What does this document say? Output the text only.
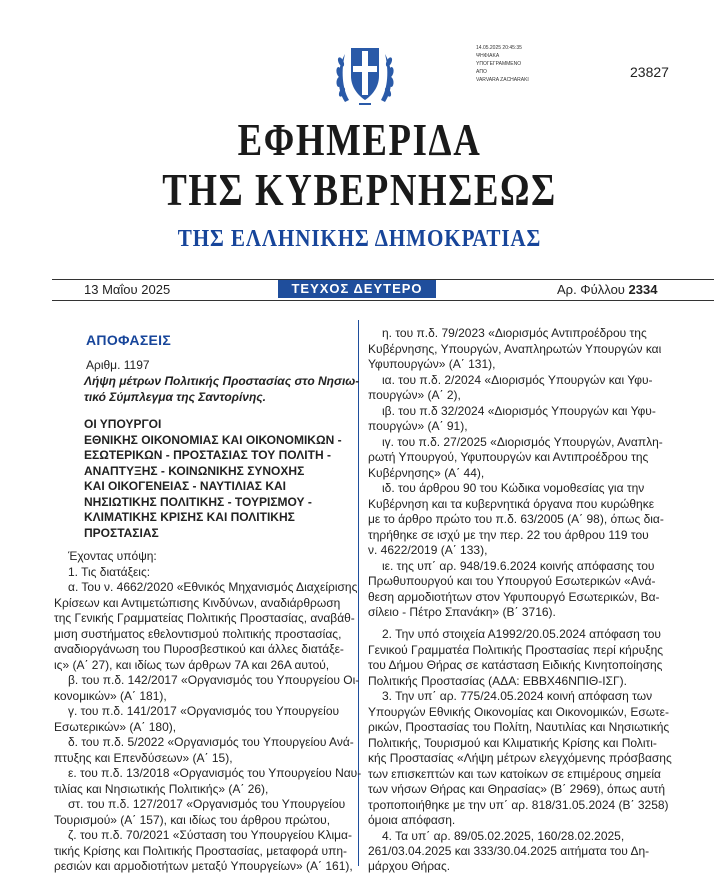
14.05.2025 20:45:35
ΨΗΦΙΑΚΑ
ΥΠΟΓΕΓΡΑΜΜΕΝΟ
ΑΠΟ
VARVARA ZACHARAKI	23827
ΕΦΗΜΕΡΙΔΑ
ΤΗΣ ΚΥΒΕΡΝΗΣΕΩΣ
ΤΗΣ ΕΛΛΗΝΙΚΗΣ ΔΗΜΟΚΡΑΤΙΑΣ
13 Μαΐου 2025	ΤΕΥΧΟΣ ΔΕΥΤΕΡΟ	Αρ. Φύλλου 2334
ΑΠΟΦΑΣΕΙΣ
Αριθμ. 1197
Λήψη μέτρων Πολιτικής Προστασίας στο Νησιω-
τικό Σύμπλεγμα της Σαντορίνης.
ΟΙ ΥΠΟΥΡΓΟΙ
ΕΘΝΙΚΗΣ ΟΙΚΟΝΟΜΙΑΣ ΚΑΙ ΟΙΚΟΝΟΜΙΚΩΝ -
ΕΣΩΤΕΡΙΚΩΝ - ΠΡΟΣΤΑΣΙΑΣ ΤΟΥ ΠΟΛΙΤΗ -
ΑΝΑΠΤΥΞΗΣ - ΚΟΙΝΩΝΙΚΗΣ ΣΥΝΟΧΗΣ
ΚΑΙ ΟΙΚΟΓΕΝΕΙΑΣ - ΝΑΥΤΙΛΙΑΣ ΚΑΙ
ΝΗΣΙΩΤΙΚΗΣ ΠΟΛΙΤΙΚΗΣ - ΤΟΥΡΙΣΜΟΥ -
ΚΛΙΜΑΤΙΚΗΣ ΚΡΙΣΗΣ ΚΑΙ ΠΟΛΙΤΙΚΗΣ
ΠΡΟΣΤΑΣΙΑΣ
Έχοντας υπόψη:
1. Τις διατάξεις:
α. Του ν. 4662/2020 «Εθνικός Μηχανισμός Διαχείρισης
Κρίσεων και Αντιμετώπισης Κινδύνων, αναδιάρθρωση
της Γενικής Γραμματείας Πολιτικής Προστασίας, αναβάθ-
μιση συστήματος εθελοντισμού πολιτικής προστασίας,
αναδιοργάνωση του Πυροσβεστικού και άλλες διατάξε-
ις» (Α΄ 27), και ιδίως των άρθρων 7Α και 26Α αυτού,
β. του π.δ. 142/2017 «Οργανισμός του Υπουργείου Οι-
κονομικών» (Α΄ 181),
γ. του π.δ. 141/2017 «Οργανισμός του Υπουργείου
Εσωτερικών» (Α΄ 180),
δ. του π.δ. 5/2022 «Οργανισμός του Υπουργείου Ανά-
πτυξης και Επενδύσεων» (Α΄ 15),
ε. του π.δ. 13/2018 «Οργανισμός του Υπουργείου Ναυ-
τιλίας και Νησιωτικής Πολιτικής» (Α΄ 26),
στ. του π.δ. 127/2017 «Οργανισμός του Υπουργείου
Τουρισμού» (Α΄ 157), και ιδίως του άρθρου πρώτου,
ζ. του π.δ. 70/2021 «Σύσταση του Υπουργείου Κλιμα-
τικής Κρίσης και Πολιτικής Προστασίας, μεταφορά υπη-
ρεσιών και αρμοδιοτήτων μεταξύ Υπουργείων» (Α΄ 161),
η. του π.δ. 79/2023 «Διορισμός Αντιπροέδρου της
Κυβέρνησης, Υπουργών, Αναπληρωτών Υπουργών και
Υφυπουργών» (Α΄ 131),
ια. του π.δ. 2/2024 «Διορισμός Υπουργών και Υφυ-
πουργών» (Α΄ 2),
ιβ. του π.δ 32/2024 «Διορισμός Υπουργών και Υφυ-
πουργών» (Α΄ 91),
ιγ. του π.δ. 27/2025 «Διορισμός Υπουργών, Αναπλη-
ρωτή Υπουργού, Υφυπουργών και Αντιπροέδρου της
Κυβέρνησης» (Α΄ 44),
ιδ. του άρθρου 90 του Κώδικα νομοθεσίας για την
Κυβέρνηση και τα κυβερνητικά όργανα που κυρώθηκε
με το άρθρο πρώτο του π.δ. 63/2005 (Α΄ 98), όπως δια-
τηρήθηκε σε ισχύ με την περ. 22 του άρθρου 119 του
ν. 4622/2019 (Α΄ 133),
ιε. της υπ΄ αρ. 948/19.6.2024 κοινής απόφασης του
Πρωθυπουργού και του Υπουργού Εσωτερικών «Ανά-
θεση αρμοδιοτήτων στον Υφυπουργό Εσωτερικών, Βα-
σίλειο - Πέτρο Σπανάκη» (Β΄ 3716).
2. Την υπό στοιχεία Α1992/20.05.2024 απόφαση του
Γενικού Γραμματέα Πολιτικής Προστασίας περί κήρυξης
του Δήμου Θήρας σε κατάσταση Ειδικής Κινητοποίησης
Πολιτικής Προστασίας (ΑΔΑ: ΕΒΒΧ46ΝΠΙΘ-ΙΣΓ).
3. Την υπ΄ αρ. 775/24.05.2024 κοινή απόφαση των
Υπουργών Εθνικής Οικονομίας και Οικονομικών, Εσωτε-
ρικών, Προστασίας του Πολίτη, Ναυτιλίας και Νησιωτικής
Πολιτικής, Τουρισμού και Κλιματικής Κρίσης και Πολιτι-
κής Προστασίας «Λήψη μέτρων ελεγχόμενης πρόσβασης
των επισκεπτών και των κατοίκων σε επιμέρους σημεία
των νήσων Θήρας και Θηρασίας» (Β΄ 2969), όπως αυτή
τροποποιήθηκε με την υπ΄ αρ. 818/31.05.2024 (Β΄ 3258)
όμοια απόφαση.
4. Τα υπ΄ αρ. 89/05.02.2025, 160/28.02.2025,
261/03.04.2025 και 333/30.04.2025 αιτήματα του Δη-
μάρχου Θήρας.
